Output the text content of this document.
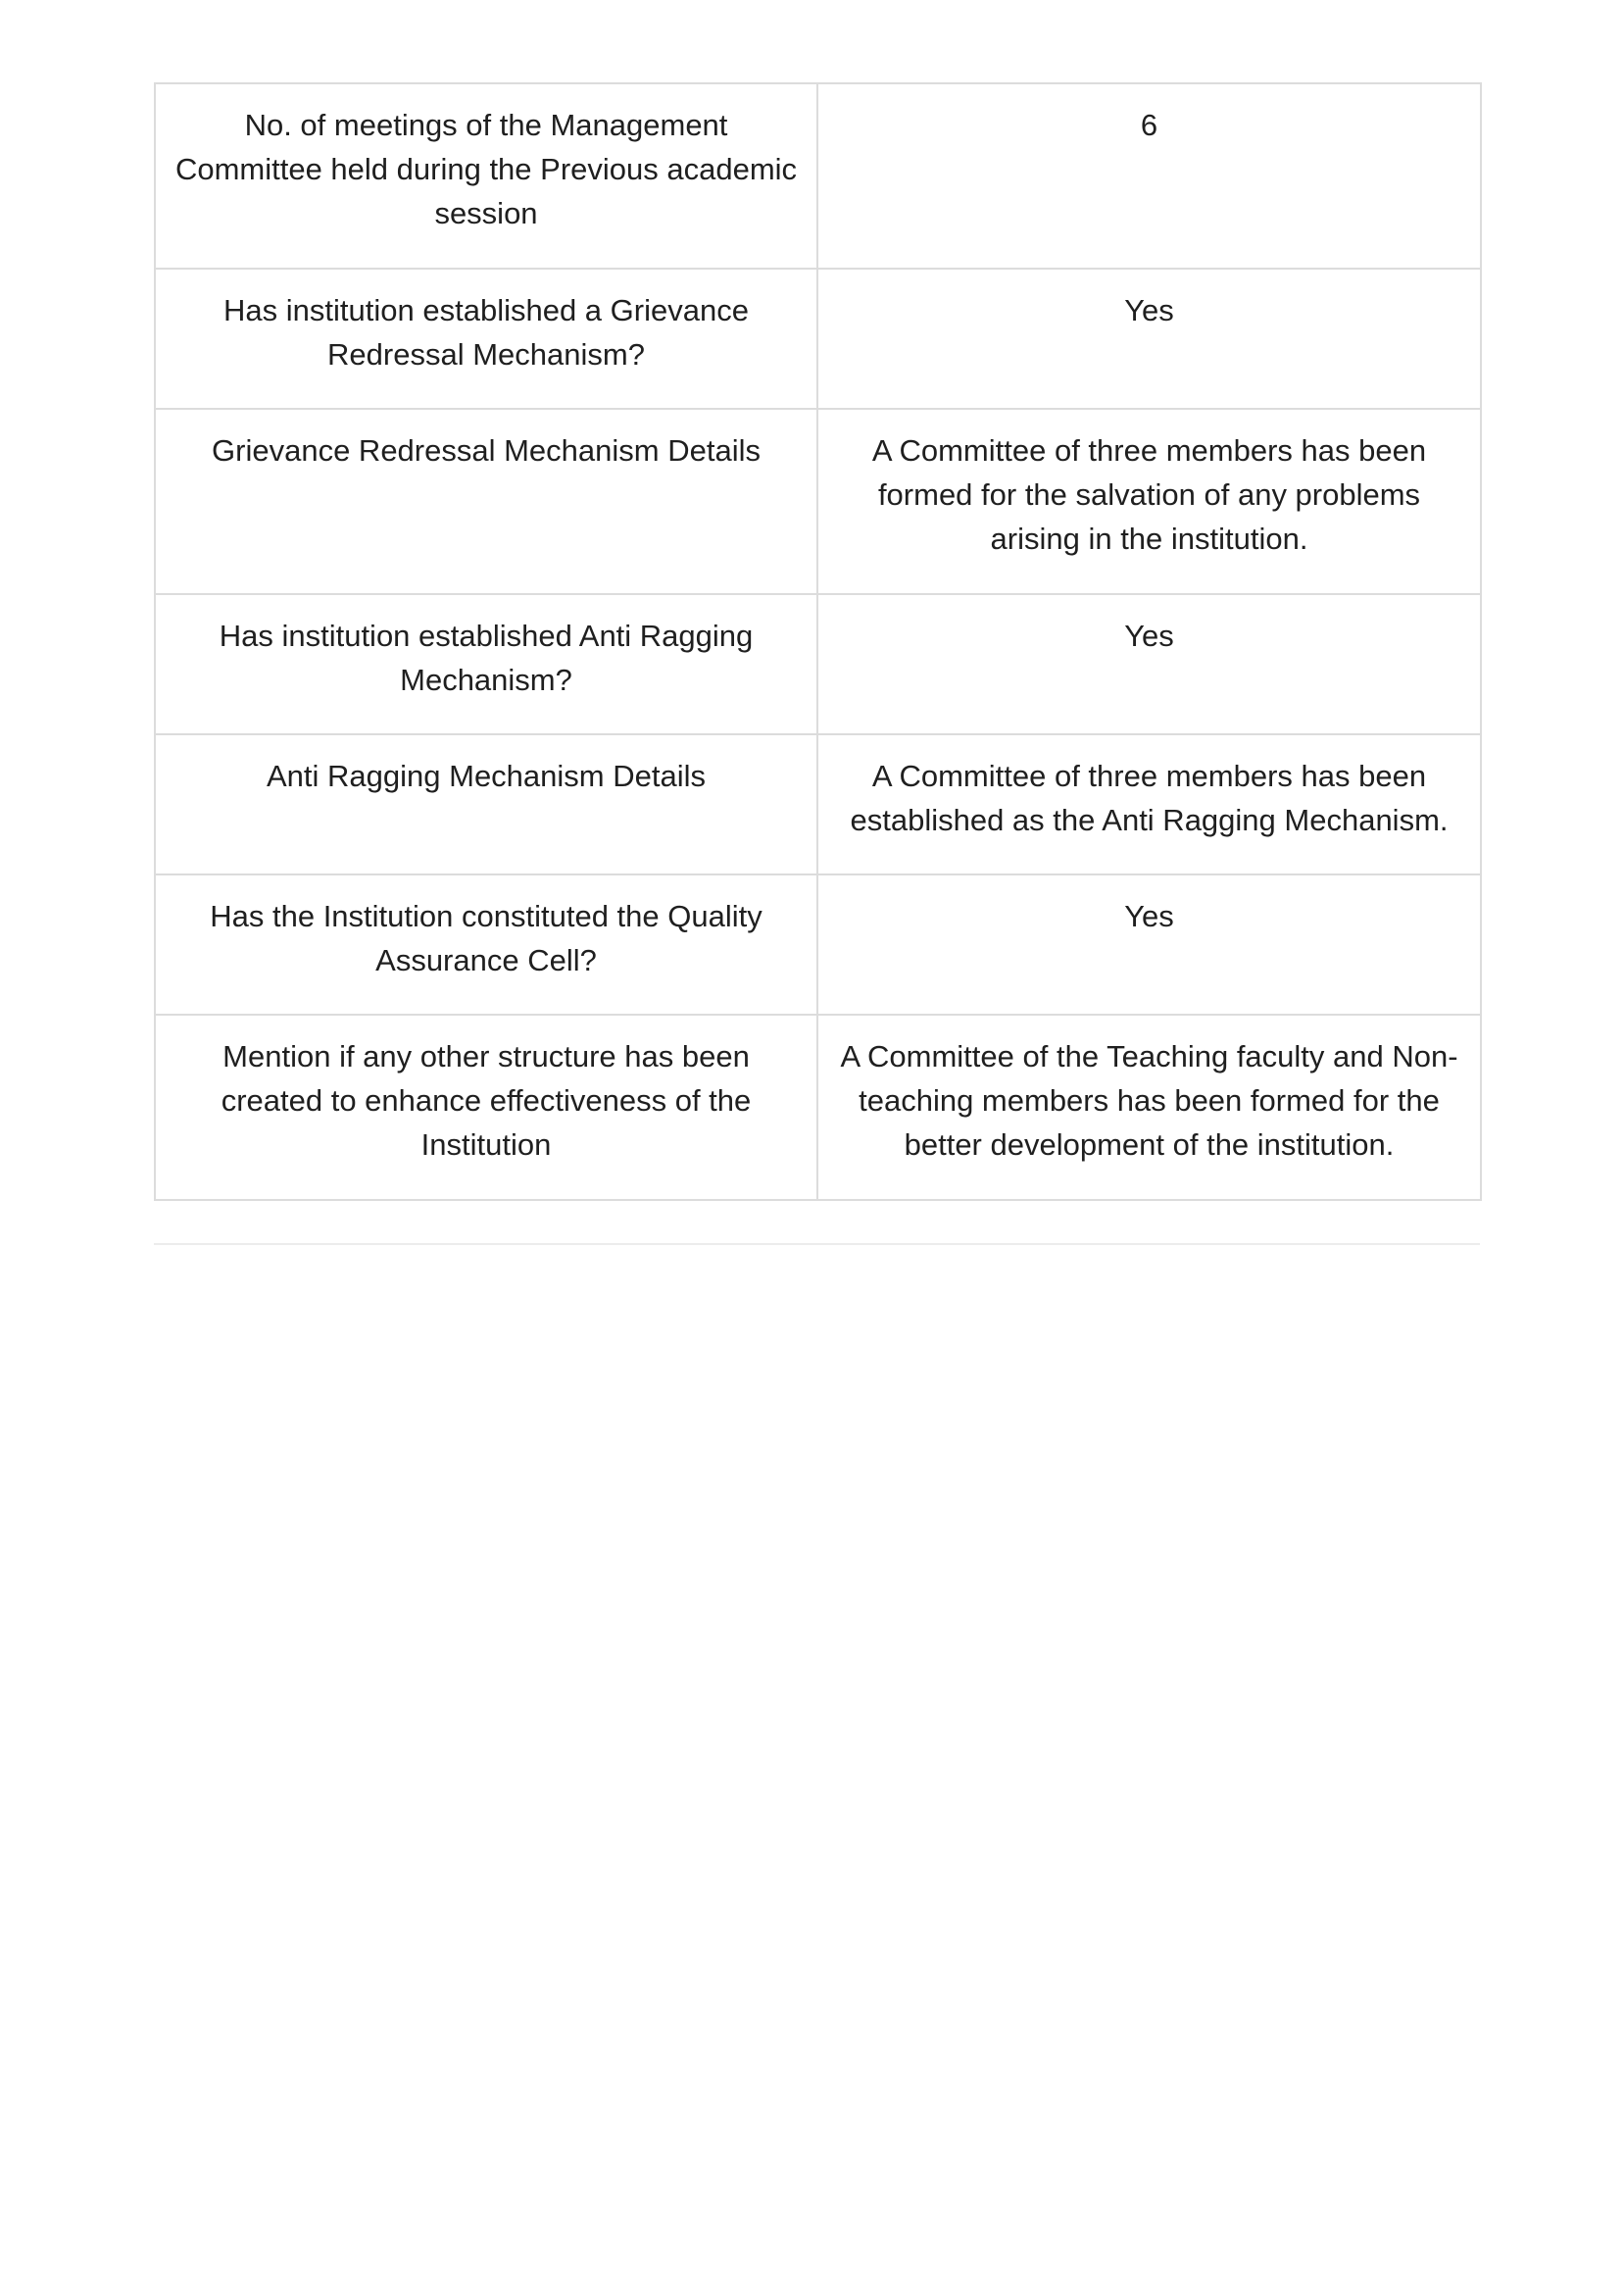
No. of meetings of the Management Committee held during the Previous academic session	6
Has institution established a Grievance Redressal Mechanism?	Yes
Grievance Redressal Mechanism Details	A Committee of three members has been formed for the salvation of any problems arising in the institution.
Has institution established Anti Ragging Mechanism?	Yes
Anti Ragging Mechanism Details	A Committee of three members has been established as the Anti Ragging Mechanism.
Has the Institution constituted the Quality Assurance Cell?	Yes
Mention if any other structure has been created to enhance effectiveness of the Institution	A Committee of the Teaching faculty and Non-teaching members has been formed for the better development of the institution.
